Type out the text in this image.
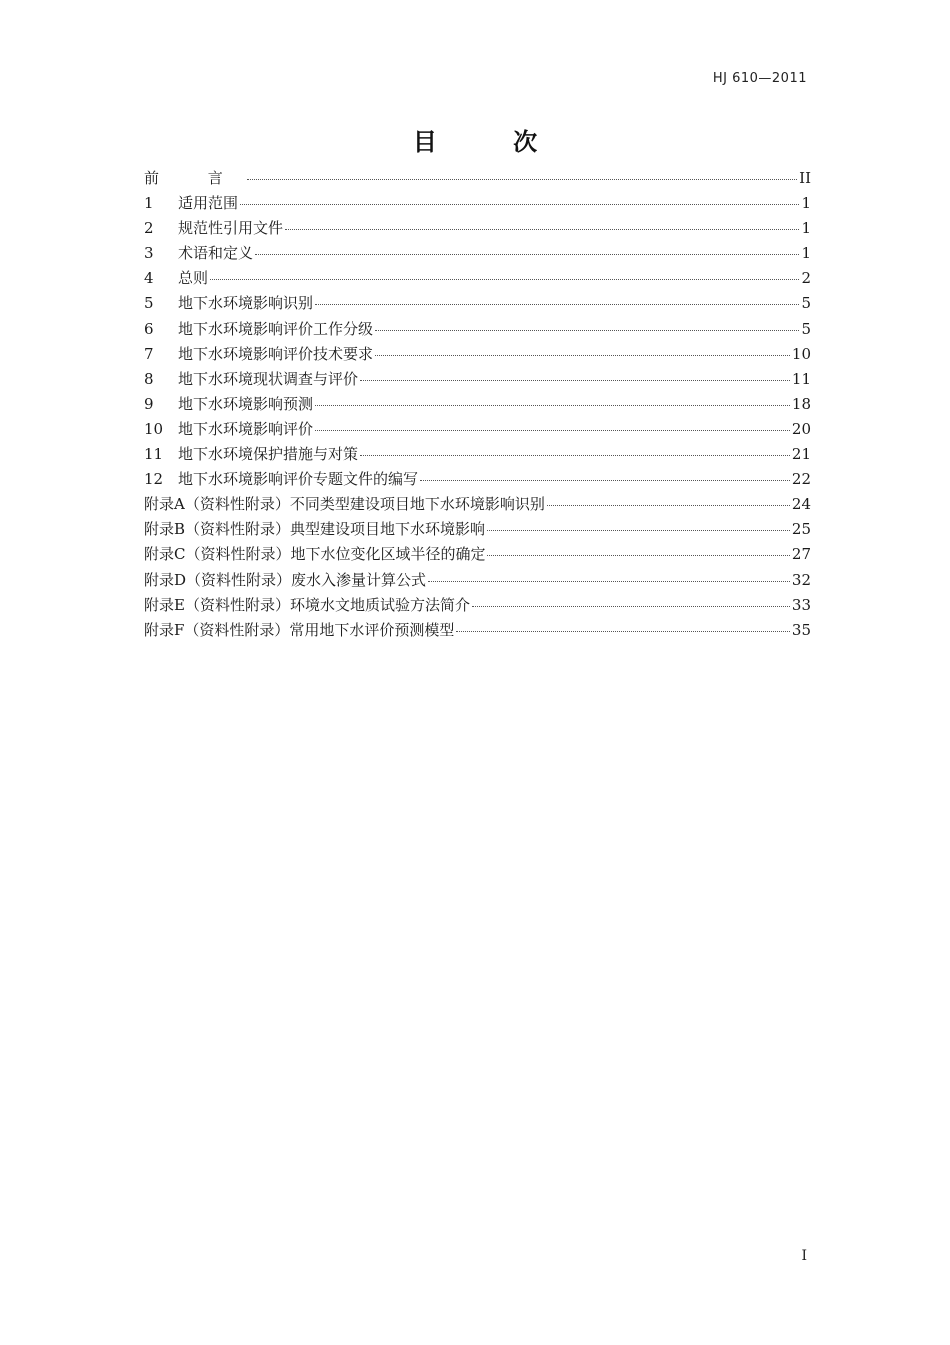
HJ 610—2011
目 次
前 言	II
1	适用范围	1
2	规范性引用文件	1
3	术语和定义	1
4	总则	2
5	地下水环境影响识别	5
6	地下水环境影响评价工作分级	5
7	地下水环境影响评价技术要求	10
8	地下水环境现状调查与评价	11
9	地下水环境影响预测	18
10 地下水环境影响评价	20
11 地下水环境保护措施与对策	21
12 地下水环境影响评价专题文件的编写	22
附录A（资料性附录）不同类型建设项目地下水环境影响识别	24
附录B（资料性附录）典型建设项目地下水环境影响	25
附录C（资料性附录）地下水位变化区域半径的确定	27
附录D（资料性附录）废水入渗量计算公式	32
附录E（资料性附录）环境水文地质试验方法简介	33
附录F（资料性附录）常用地下水评价预测模型	35
I
